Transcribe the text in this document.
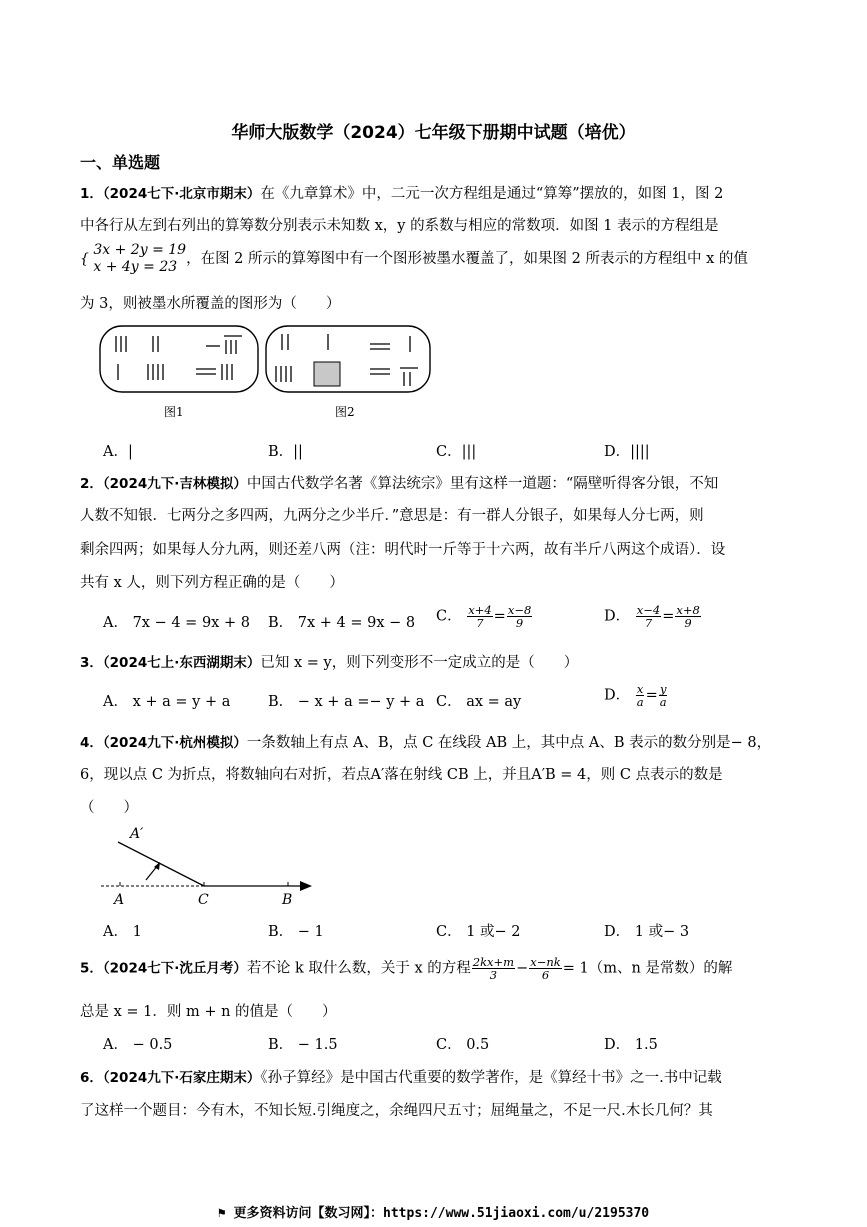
华师大版数学（2024）七年级下册期中试题（培优）
一、单选题
1．（2024七下·北京市期末）在《九章算术》中，二元一次方程组是通过“算筹”摆放的，如图 1，图 2
中各行从左到右列出的算筹数分别表示未知数 x，y 的系数与相应的常数项．如图 1 表示的方程组是
{
3x + 2y = 19
x + 4y = 23 ，在图 2 所示的算筹图中有一个图形被墨水覆盖了，如果图 2 所表示的方程组中 x 的值
为 3，则被墨水所覆盖的图形为（　　）
图1	图2
A．|	B．||	C．|||	D．||||
2．（2024九下·吉林模拟）中国古代数学名著《算法统宗》里有这样一道题：“隔壁听得客分银，不知
人数不知银．七两分之多四两，九两分之少半斤．”意思是：有一群人分银子，如果每人分七两，则
剩余四两；如果每人分九两，则还差八两（注：明代时一斤等于十六两，故有半斤八两这个成语）．设
共有 x 人，则下列方程正确的是（　　）
A． 7x − 4 = 9x + 8 B． 7x + 4 = 9x − 8 C． $\frac{x+4}{7} = \frac{x-8}{9}$	D． $\frac{x-4}{7} = \frac{x+8}{9}$
3．（2024七上·东西湖期末）已知 x = y，则下列变形不一定成立的是（　　）
A． x + a = y + a	B． − x + a =− y + a C． ax = ay	D． $\frac{x}{a} = \frac{y}{a}$
4．（2024九下·杭州模拟）一条数轴上有点 A、B，点 C 在线段 AB 上，其中点 A、B 表示的数分别是− 8，
6，现以点 C 为折点，将数轴向右对折，若点A′落在射线 CB 上，并且A′B = 4，则 C 点表示的数是
（　　）
A′
A	C	B
A． 1	B． − 1	C． 1 或− 2	D． 1 或− 3
5．（2024七下·沈丘月考）若不论 k 取什么数，关于 x 的方程 $\frac{2kx+m}{3} - \frac{x-nk}{6} = 1(m$、n 是常数）的解
总是 x = 1．则 m + n 的值是（　　）
A． − 0.5	B． − 1.5	C． 0.5	D． 1.5
6．（2024九下·石家庄期末）《孙子算经》是中国古代重要的数学著作，是《算经十书》之一.书中记载
了这样一个题目：今有木，不知长短.引绳度之，余绳四尺五寸；屈绳量之，不足一尺.木长几何？其
⚑ 更多资料访问【数习网】：https://www.51jiaoxi.com/u/2195370
